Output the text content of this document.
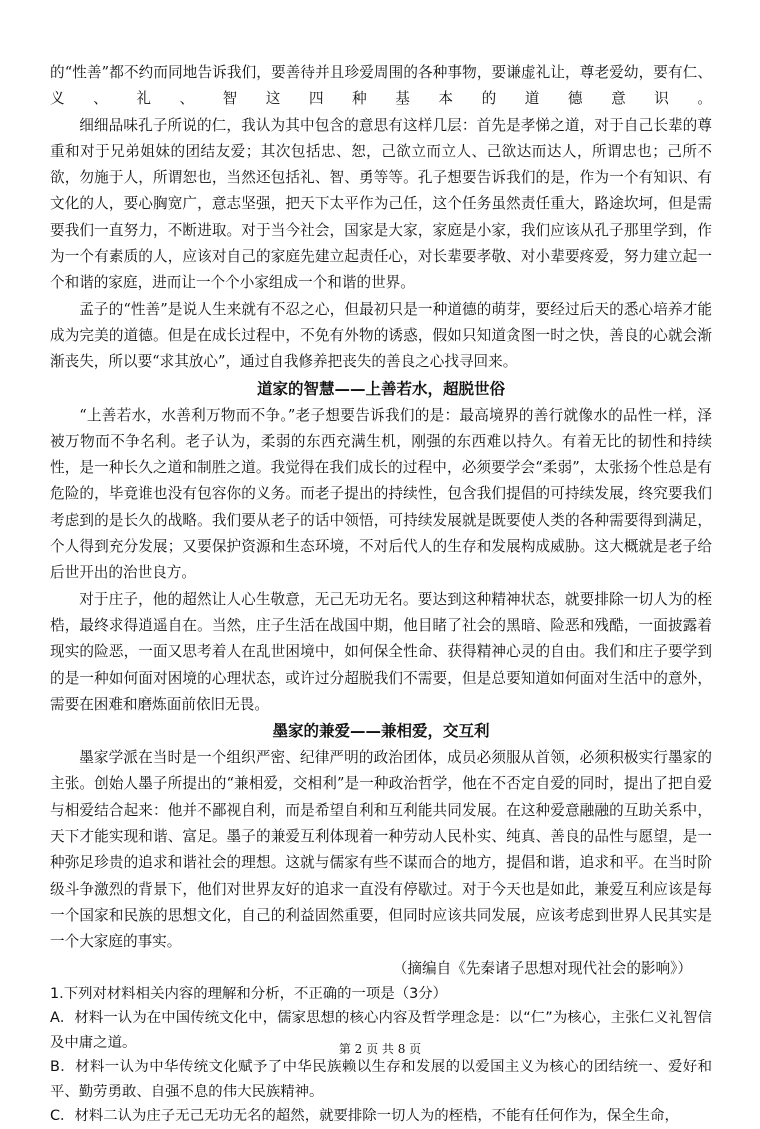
的“性善”都不约而同地告诉我们，要善待并且珍爱周围的各种事物，要谦虚礼让，尊老爱幼，要有仁、义、礼、智这四种基本的道德意识。

细细品味孔子所说的仁，我认为其中包含的意思有这样几层：首先是孝悌之道，对于自己长辈的尊重和对于兄弟姐妹的团结友爱；其次包括忠、恕，己欲立而立人、己欲达而达人，所谓忠也；己所不欲，勿施于人，所谓恕也，当然还包括礼、智、勇等等。孔子想要告诉我们的是，作为一个有知识、有文化的人，要心胸宽广，意志坚强，把天下太平作为己任，这个任务虽然责任重大，路途坎坷，但是需要我们一直努力，不断进取。对于当今社会，国家是大家，家庭是小家，我们应该从孔子那里学到，作为一个有素质的人，应该对自己的家庭先建立起责任心，对长辈要孝敬、对小辈要疼爱，努力建立起一个和谐的家庭，进而让一个个小家组成一个和谐的世界。

孟子的“性善”是说人生来就有不忍之心，但最初只是一种道德的萌芽，要经过后天的悉心培养才能成为完美的道德。但是在成长过程中，不免有外物的诱惑，假如只知道贪图一时之快，善良的心就会渐渐丧失，所以要“求其放心”，通过自我修养把丧失的善良之心找寻回来。

道家的智慧——上善若水，超脱世俗

“上善若水，水善利万物而不争。”老子想要告诉我们的是：最高境界的善行就像水的品性一样，泽被万物而不争名利。老子认为，柔弱的东西充满生机，刚强的东西难以持久。有着无比的韧性和持续性，是一种长久之道和制胜之道。我觉得在我们成长的过程中，必须要学会“柔弱”，太张扬个性总是有危险的，毕竟谁也没有包容你的义务。而老子提出的持续性，包含我们提倡的可持续发展，终究要我们考虑到的是长久的战略。我们要从老子的话中领悟，可持续发展就是既要使人类的各种需要得到满足，个人得到充分发展；又要保护资源和生态环境，不对后代人的生存和发展构成威胁。这大概就是老子给后世开出的治世良方。

对于庄子，他的超然让人心生敬意，无己无功无名。要达到这种精神状态，就要排除一切人为的桎梏，最终求得逍遥自在。当然，庄子生活在战国中期，他目睹了社会的黑暗、险恶和残酷，一面披露着现实的险恶，一面又思考着人在乱世困境中，如何保全性命、获得精神心灵的自由。我们和庄子要学到的是一种如何面对困境的心理状态，或许过分超脱我们不需要，但是总要知道如何面对生活中的意外，需要在困难和磨炼面前依旧无畏。

墨家的兼爱——兼相爱，交互利

墨家学派在当时是一个组织严密、纪律严明的政治团体，成员必须服从首领，必须积极实行墨家的主张。创始人墨子所提出的“兼相爱，交相利”是一种政治哲学，他在不否定自爱的同时，提出了把自爱与相爱结合起来：他并不鄙视自利，而是希望自利和互利能共同发展。在这种爱意融融的互助关系中，天下才能实现和谐、富足。墨子的兼爱互利体现着一种劳动人民朴实、纯真、善良的品性与愿望，是一种弥足珍贵的追求和谐社会的理想。这就与儒家有些不谋而合的地方，提倡和谐，追求和平。在当时阶级斗争激烈的背景下，他们对世界友好的追求一直没有停歇过。对于今天也是如此，兼爱互利应该是每一个国家和民族的思想文化，自己的利益固然重要，但同时应该共同发展，应该考虑到世界人民其实是一个大家庭的事实。

（摘编自《先秦诸子思想对现代社会的影响》）

1.下列对材料相关内容的理解和分析，不正确的一项是（3分）

A．材料一认为在中国传统文化中，儒家思想的核心内容及哲学理念是：以“仁”为核心，主张仁义礼智信及中庸之道。

B．材料一认为中华传统文化赋予了中华民族赖以生存和发展的以爱国主义为核心的团结统一、爱好和平、勤劳勇敢、自强不息的伟大民族精神。

C．材料二认为庄子无己无功无名的超然，就要排除一切人为的桎梏，不能有任何作为，保全生命，

第 2 页 共 8 页
